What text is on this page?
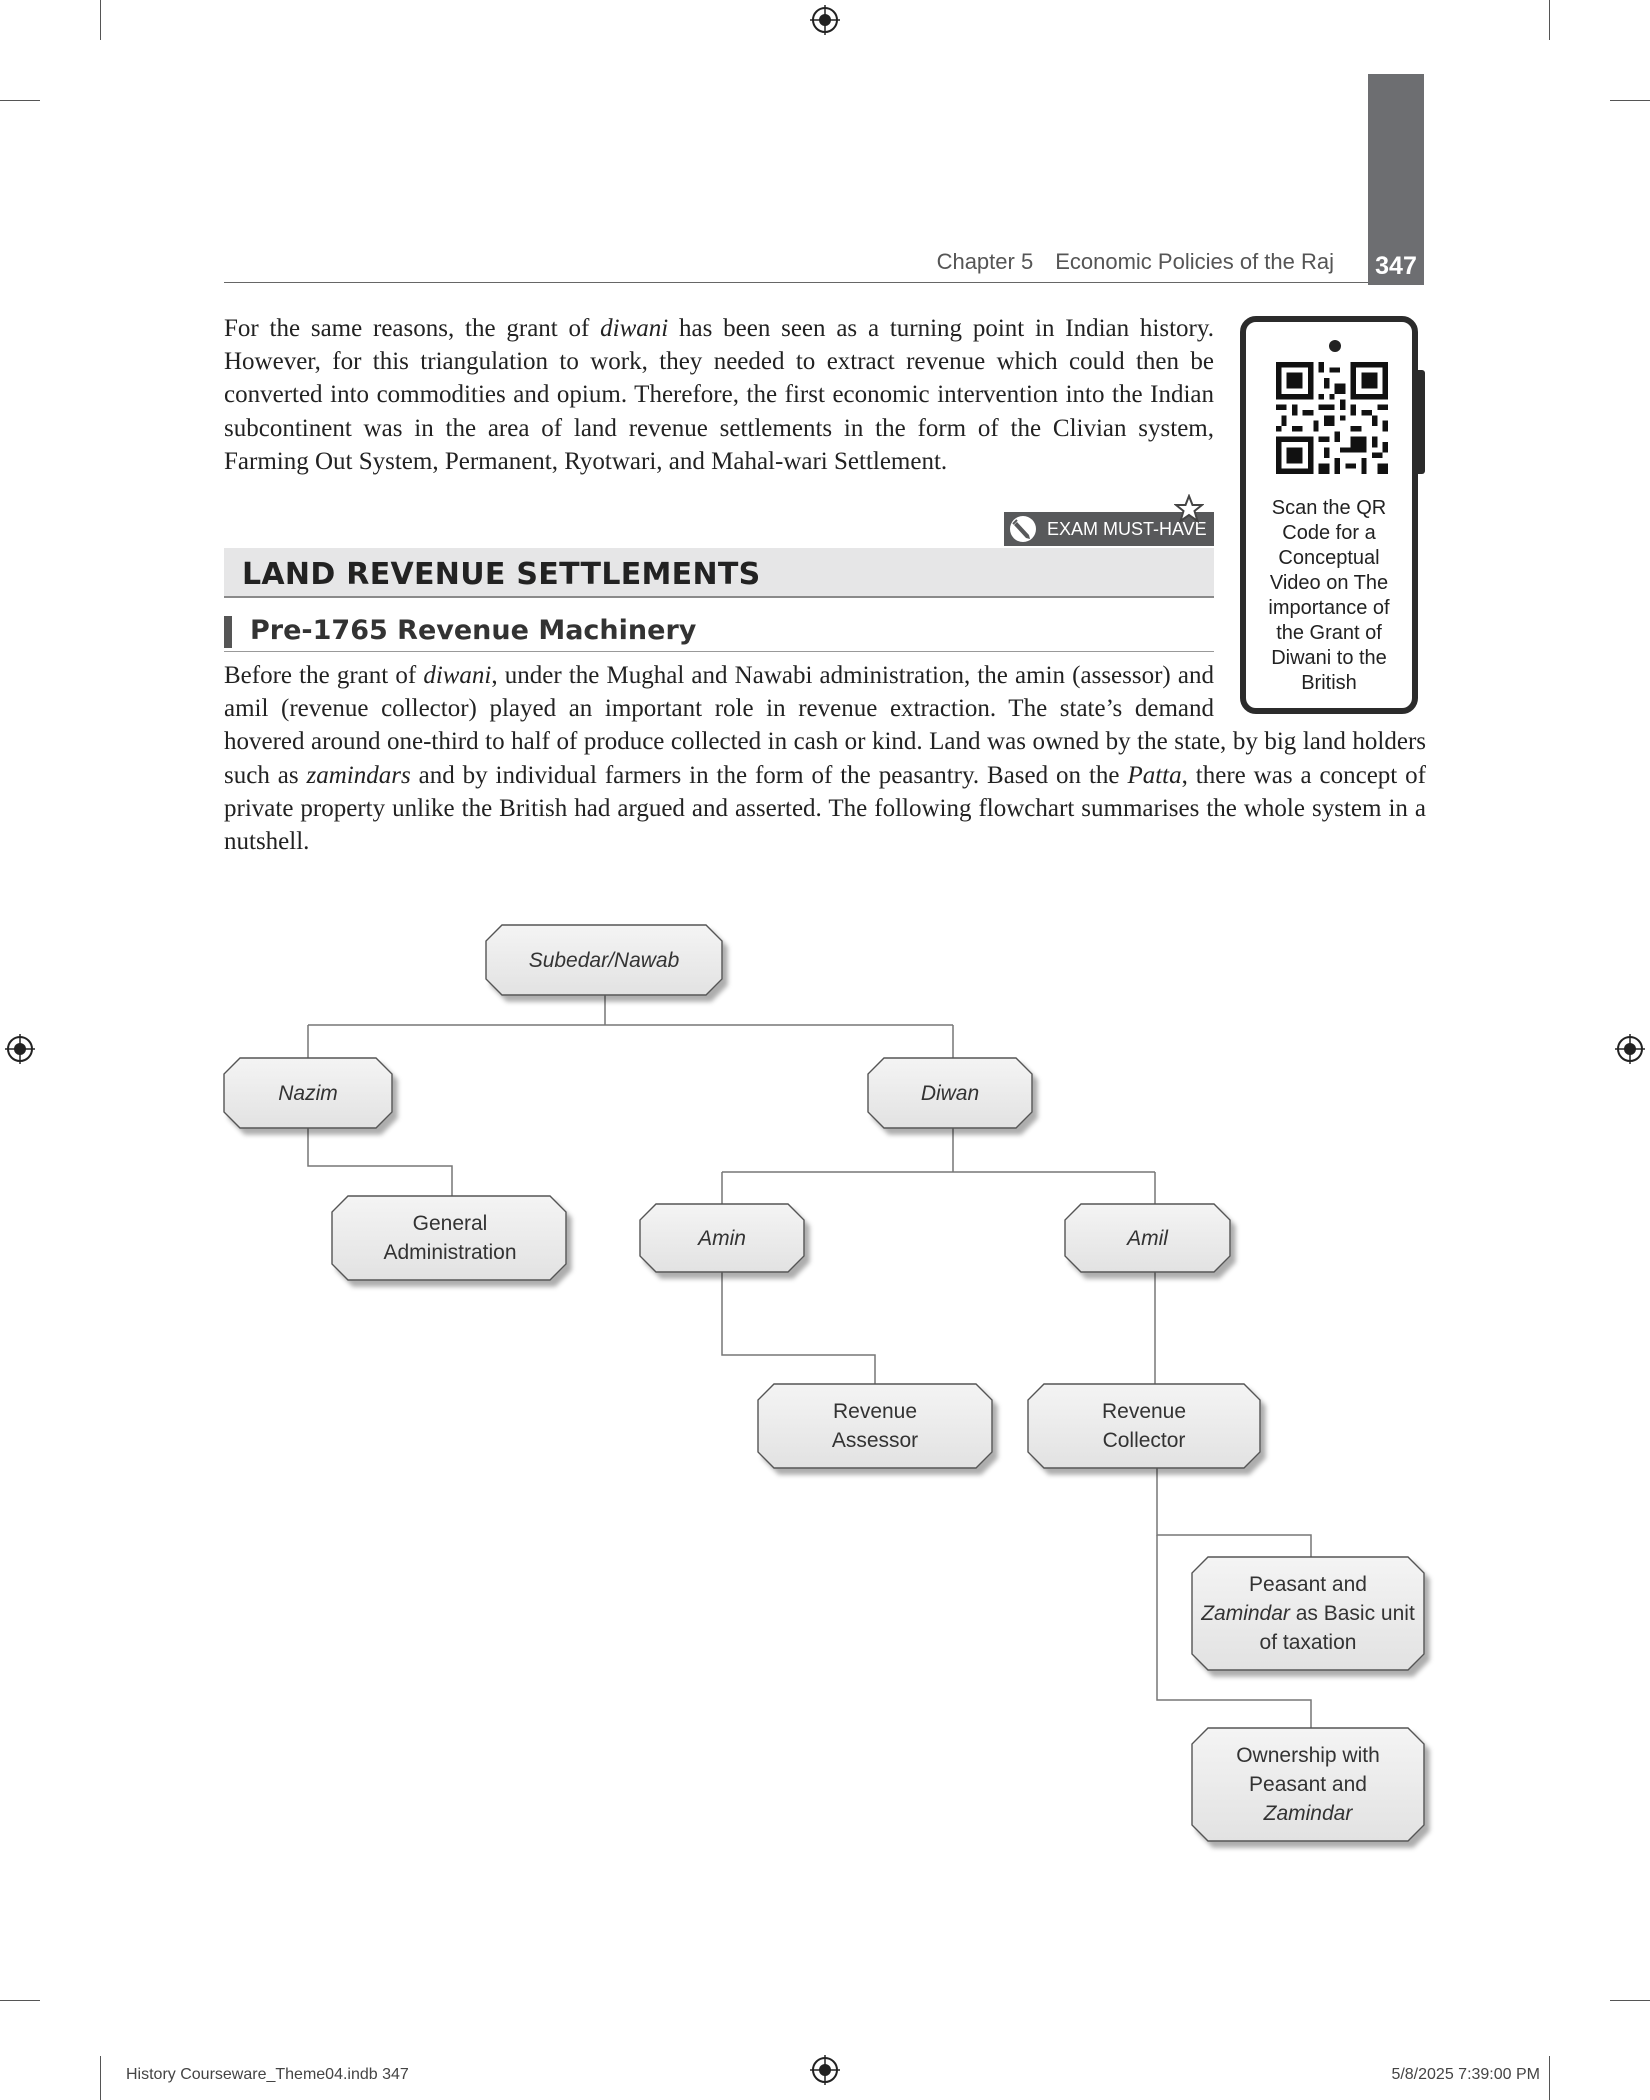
347
Chapter 5 Economic Policies of the Raj
For the same reasons, the grant of diwani has been seen as a turning point in Indian history. However, for this triangulation to work, they needed to extract revenue which could then be converted into commodities and opium. Therefore, the first economic intervention into the Indian subcontinent was in the area of land revenue settlements in the form of the Clivian system, Farming Out System, Permanent, Ryotwari, and Mahal-wari Settlement.
Scan the QR Code for a Conceptual Video on The importance of the Grant of Diwani to the British
EXAM MUST-HAVE
LAND REVENUE SETTLEMENTS
Pre-1765 Revenue Machinery
Before the grant of diwani, under the Mughal and Nawabi administration, the amin (assessor) and amil (revenue collector) played an important role in revenue extraction. The state’s demand hovered around one-third to half of produce collected in cash or kind. Land was owned by the state, by big land holders such as zamindars and by individual farmers in the form of the peasantry. Based on the Patta, there was a concept of private property unlike the British had argued and asserted. The following flowchart summarises the whole system in a nutshell.
Subedar/Nawab
Nazim	Diwan
General Administration
Amin	Amil
Revenue Assessor
Revenue Collector
Peasant and
Zamindar as Basic unit of taxation
Ownership with Peasant and
Zamindar
History Courseware_Theme04.indb 347	5/8/2025 7:39:00 PM
